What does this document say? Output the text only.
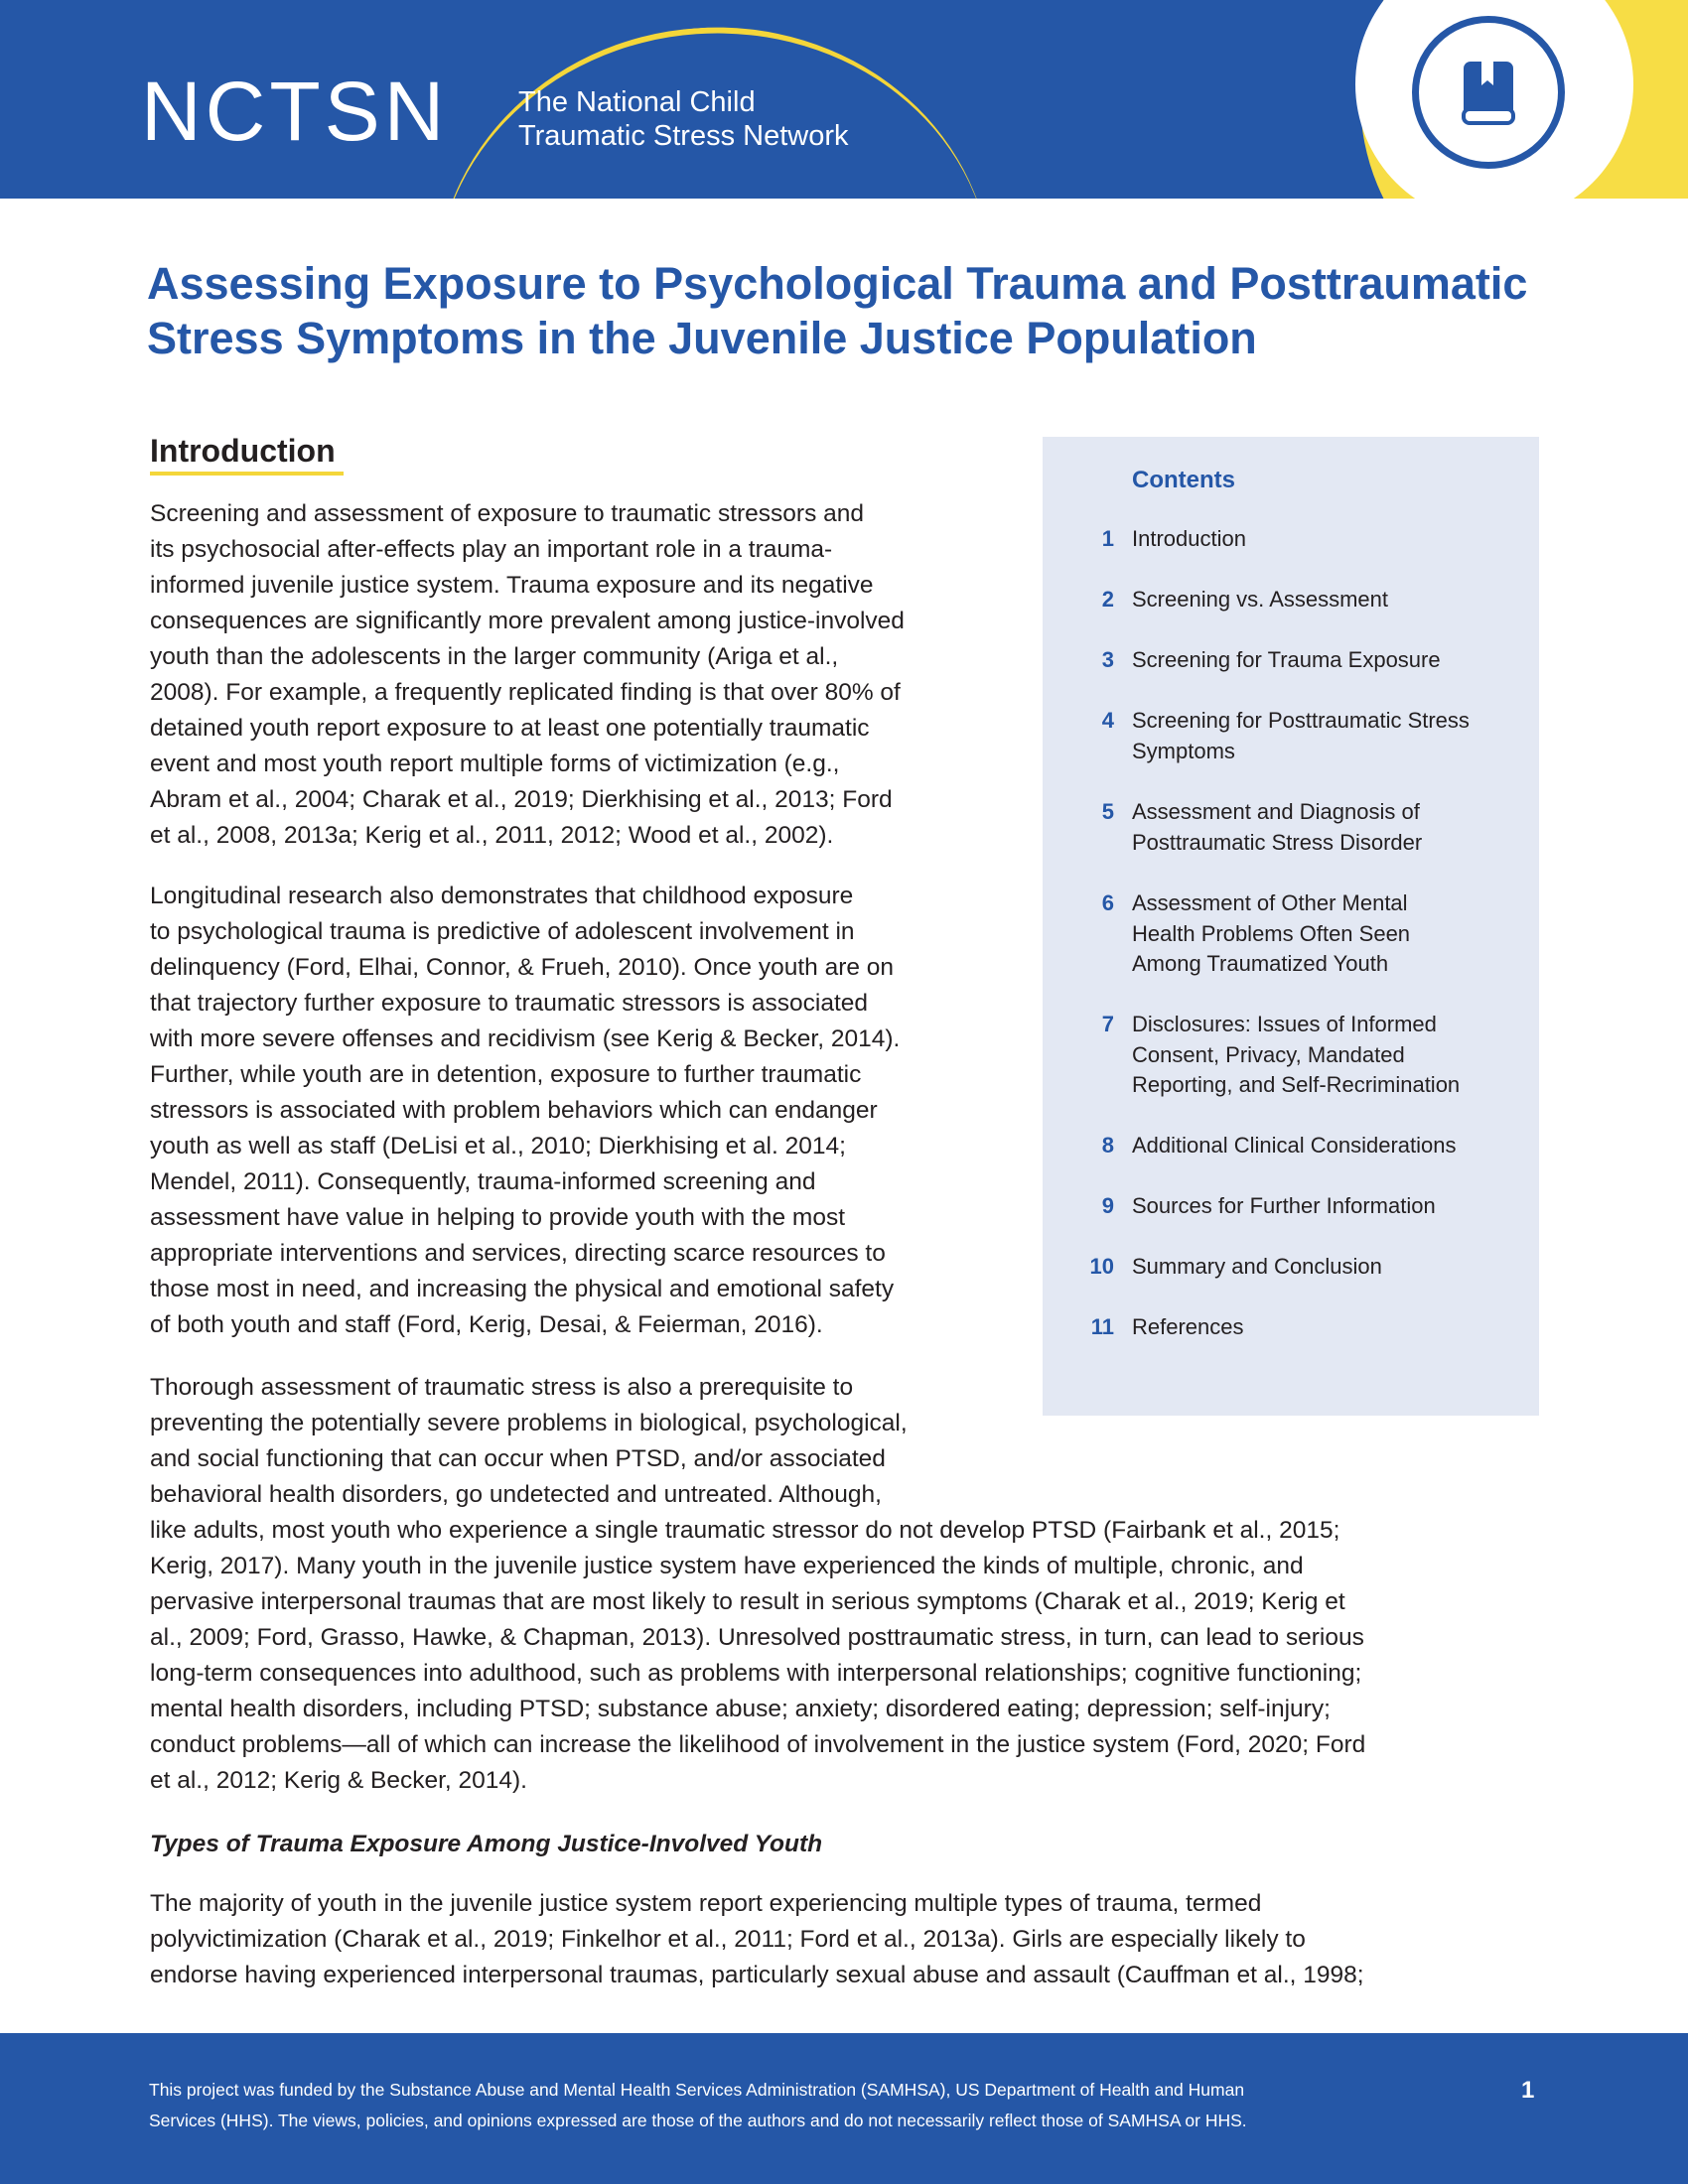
NCTSN The National Child
Traumatic Stress Network
Assessing Exposure to Psychological Trauma and Posttraumatic
Stress Symptoms in the Juvenile Justice Population
Introduction
Screening and assessment of exposure to traumatic stressors and
its psychosocial after-effects play an important role in a trauma-
informed juvenile justice system. Trauma exposure and its negative
consequences are significantly more prevalent among justice-involved
youth than the adolescents in the larger community (Ariga et al.,
2008). For example, a frequently replicated finding is that over 80% of
detained youth report exposure to at least one potentially traumatic
event and most youth report multiple forms of victimization (e.g.,
Abram et al., 2004; Charak et al., 2019; Dierkhising et al., 2013; Ford
et al., 2008, 2013a; Kerig et al., 2011, 2012; Wood et al., 2002).
Longitudinal research also demonstrates that childhood exposure
to psychological trauma is predictive of adolescent involvement in
delinquency (Ford, Elhai, Connor, & Frueh, 2010). Once youth are on
that trajectory further exposure to traumatic stressors is associated
with more severe offenses and recidivism (see Kerig & Becker, 2014).
Further, while youth are in detention, exposure to further traumatic
stressors is associated with problem behaviors which can endanger
youth as well as staff (DeLisi et al., 2010; Dierkhising et al. 2014;
Mendel, 2011). Consequently, trauma-informed screening and
assessment have value in helping to provide youth with the most
appropriate interventions and services, directing scarce resources to
those most in need, and increasing the physical and emotional safety
of both youth and staff (Ford, Kerig, Desai, & Feierman, 2016).
Thorough assessment of traumatic stress is also a prerequisite to
preventing the potentially severe problems in biological, psychological,
and social functioning that can occur when PTSD, and/or associated
behavioral health disorders, go undetected and untreated. Although,
like adults, most youth who experience a single traumatic stressor do not develop PTSD (Fairbank et al., 2015;
Kerig, 2017). Many youth in the juvenile justice system have experienced the kinds of multiple, chronic, and
pervasive interpersonal traumas that are most likely to result in serious symptoms (Charak et al., 2019; Kerig et
al., 2009; Ford, Grasso, Hawke, & Chapman, 2013). Unresolved posttraumatic stress, in turn, can lead to serious
long-term consequences into adulthood, such as problems with interpersonal relationships; cognitive functioning;
mental health disorders, including PTSD; substance abuse; anxiety; disordered eating; depression; self-injury;
conduct problems—all of which can increase the likelihood of involvement in the justice system (Ford, 2020; Ford
et al., 2012; Kerig & Becker, 2014).
Types of Trauma Exposure Among Justice-Involved Youth
The majority of youth in the juvenile justice system report experiencing multiple types of trauma, termed
polyvictimization (Charak et al., 2019; Finkelhor et al., 2011; Ford et al., 2013a). Girls are especially likely to
endorse having experienced interpersonal traumas, particularly sexual abuse and assault (Cauffman et al., 1998;
Contents
1 Introduction
2 Screening vs. Assessment
3 Screening for Trauma Exposure
4 Screening for Posttraumatic Stress
Symptoms
5 Assessment and Diagnosis of
Posttraumatic Stress Disorder
6 Assessment of Other Mental
Health Problems Often Seen
Among Traumatized Youth
7 Disclosures: Issues of Informed
Consent, Privacy, Mandated
Reporting, and Self-Recrimination
8 Additional Clinical Considerations
9 Sources for Further Information
10 Summary and Conclusion
11 References
This project was funded by the Substance Abuse and Mental Health Services Administration (SAMHSA), US Department of Health and Human
Services (HHS). The views, policies, and opinions expressed are those of the authors and do not necessarily reflect those of SAMHSA or HHS.
1
